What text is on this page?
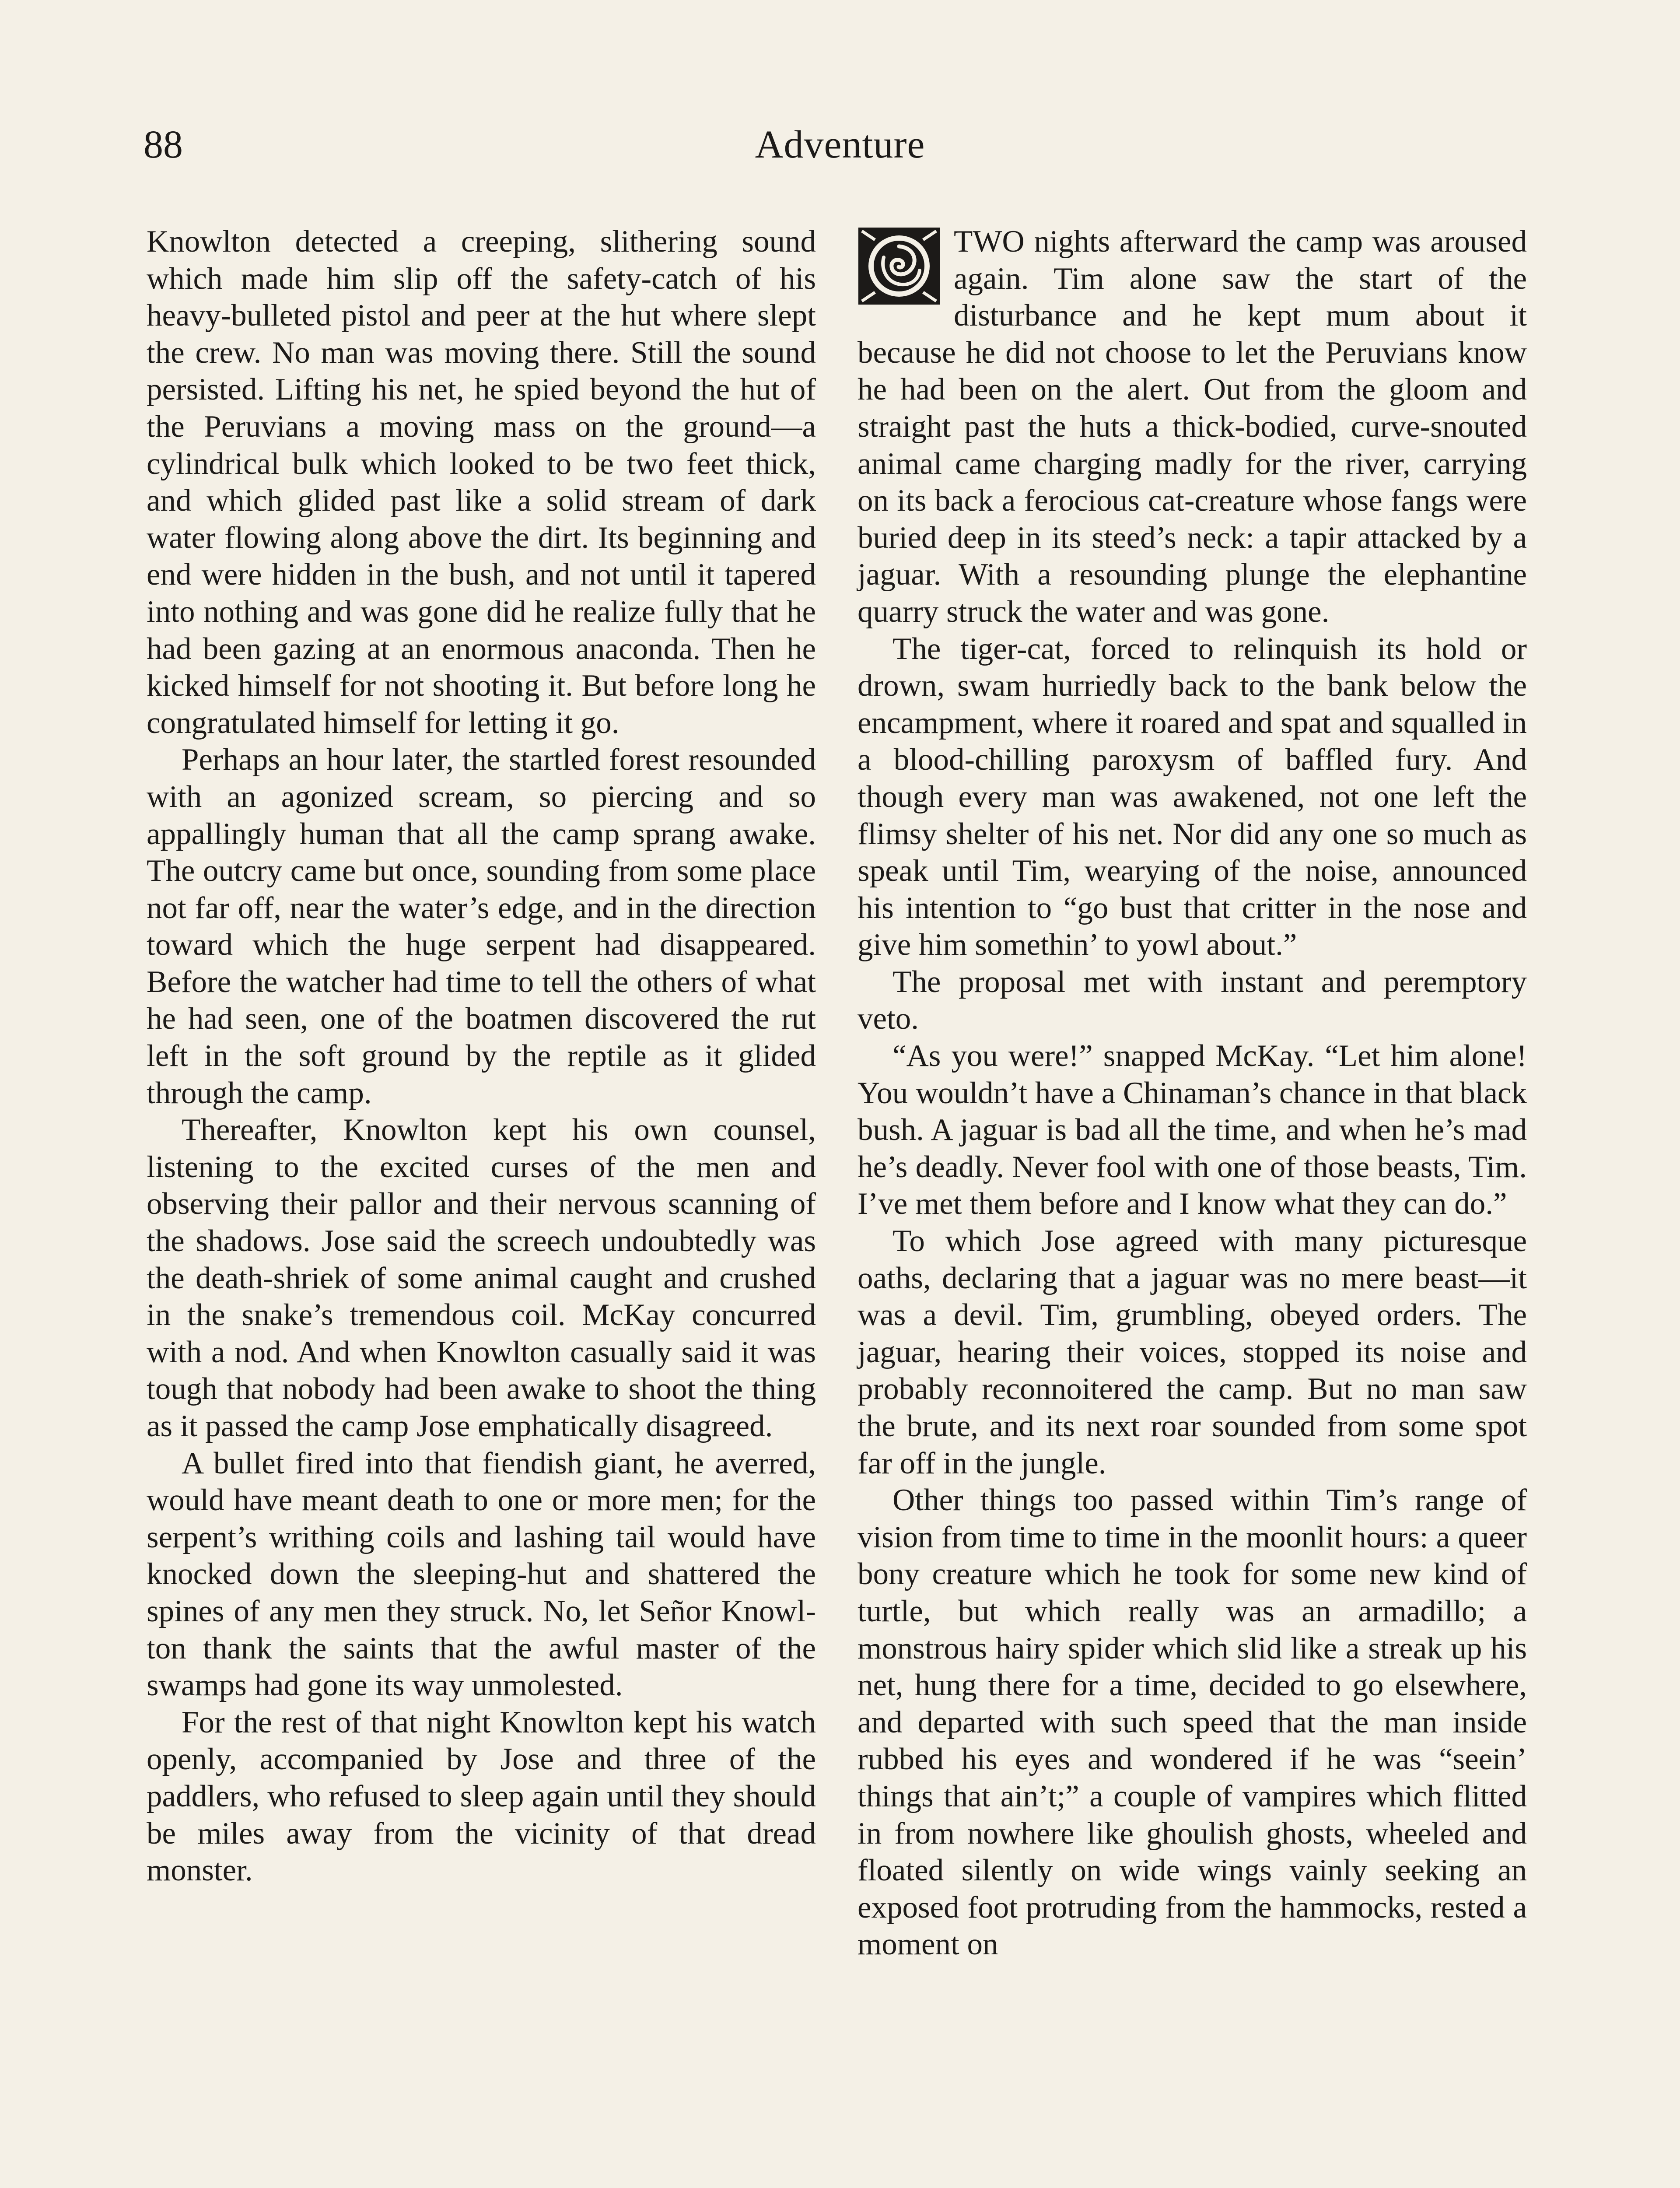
88	Adventure

Knowlton detected a creeping, slithering sound which made him slip off the safety-catch of his heavy-bulleted pistol and peer at the hut where slept the crew. No man was moving there. Still the sound persisted. Lifting his net, he spied beyond the hut of the Peruvians a moving mass on the ground—a cylindrical bulk which looked to be two feet thick, and which glided past like a solid stream of dark water flowing along above the dirt. Its beginning and end were hidden in the bush, and not until it tapered into nothing and was gone did he realize fully that he had been gazing at an enormous anaconda. Then he kicked himself for not shooting it. But before long he congratulated himself for letting it go.

Perhaps an hour later, the startled forest resounded with an agonized scream, so piercing and so appallingly human that all the camp sprang awake. The outcry came but once, sounding from some place not far off, near the water’s edge, and in the direction toward which the huge serpent had disappeared. Before the watcher had time to tell the others of what he had seen, one of the boatmen discovered the rut left in the soft ground by the reptile as it glided through the camp.

Thereafter, Knowlton kept his own counsel, listening to the excited curses of the men and observing their pallor and their nervous scanning of the shadows. Jose said the screech undoubtedly was the death-shriek of some animal caught and crushed in the snake’s tremendous coil. McKay concurred with a nod. And when Knowlton casually said it was tough that nobody had been awake to shoot the thing as it passed the camp Jose emphatically disagreed.

A bullet fired into that fiendish giant, he averred, would have meant death to one or more men; for the serpent’s writhing coils and lashing tail would have knocked down the sleeping-hut and shattered the spines of any men they struck. No, let Señor Knowl-ton thank the saints that the awful master of the swamps had gone its way unmolested.

For the rest of that night Knowlton kept his watch openly, accompanied by Jose and three of the paddlers, who refused to sleep again until they should be miles away from the vicinity of that dread monster.

TWO nights afterward the camp was aroused again. Tim alone saw the start of the disturbance and he kept mum about it because he did not choose to let the Peruvians know he had been on the alert. Out from the gloom and straight past the huts a thick-bodied, curve-snouted animal came charging madly for the river, carrying on its back a ferocious cat-creature whose fangs were buried deep in its steed’s neck: a tapir attacked by a jaguar. With a resounding plunge the elephantine quarry struck the water and was gone.

The tiger-cat, forced to relinquish its hold or drown, swam hurriedly back to the bank below the encampment, where it roared and spat and squalled in a blood-chilling paroxysm of baffled fury. And though every man was awakened, not one left the flimsy shelter of his net. Nor did any one so much as speak until Tim, wearying of the noise, announced his intention to “go bust that critter in the nose and give him somethin’ to yowl about.”

The proposal met with instant and peremptory veto.

“As you were!” snapped McKay. “Let him alone! You wouldn’t have a Chinaman’s chance in that black bush. A jaguar is bad all the time, and when he’s mad he’s deadly. Never fool with one of those beasts, Tim. I’ve met them before and I know what they can do.”

To which Jose agreed with many picturesque oaths, declaring that a jaguar was no mere beast—it was a devil. Tim, grumbling, obeyed orders. The jaguar, hearing their voices, stopped its noise and probably reconnoitered the camp. But no man saw the brute, and its next roar sounded from some spot far off in the jungle.

Other things too passed within Tim’s range of vision from time to time in the moonlit hours: a queer bony creature which he took for some new kind of turtle, but which really was an armadillo; a monstrous hairy spider which slid like a streak up his net, hung there for a time, decided to go elsewhere, and departed with such speed that the man inside rubbed his eyes and wondered if he was “seein’ things that ain’t;” a couple of vampires which flitted in from nowhere like ghoulish ghosts, wheeled and floated silently on wide wings vainly seeking an exposed foot protruding from the hammocks, rested a moment on
